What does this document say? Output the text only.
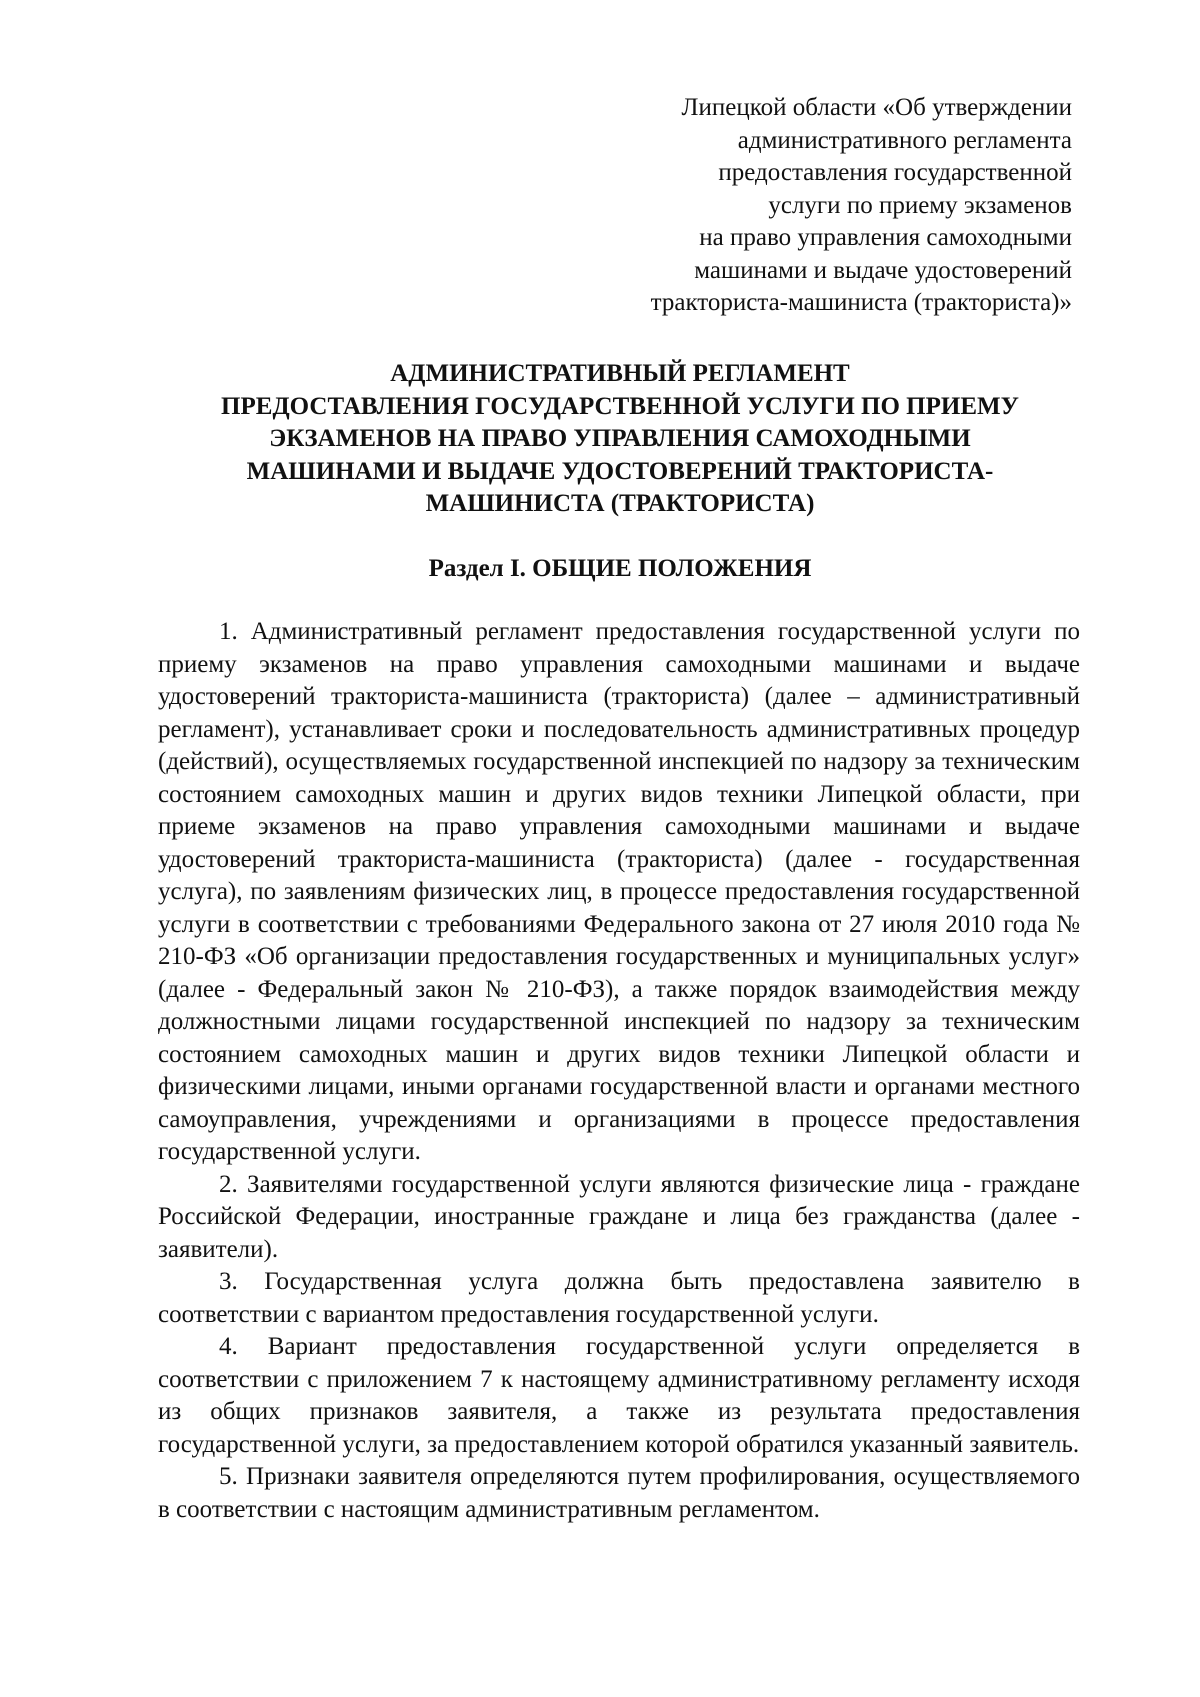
Липецкой области «Об утверждении
административного регламента
предоставления государственной
услуги по приему экзаменов
на право управления самоходными
машинами и выдаче удостоверений
тракториста-машиниста (тракториста)»
АДМИНИСТРАТИВНЫЙ РЕГЛАМЕНТ
ПРЕДОСТАВЛЕНИЯ ГОСУДАРСТВЕННОЙ УСЛУГИ ПО ПРИЕМУ
ЭКЗАМЕНОВ НА ПРАВО УПРАВЛЕНИЯ САМОХОДНЫМИ
МАШИНАМИ И ВЫДАЧЕ УДОСТОВЕРЕНИЙ ТРАКТОРИСТА-
МАШИНИСТА (ТРАКТОРИСТА)
Раздел I. ОБЩИЕ ПОЛОЖЕНИЯ

1. Административный регламент предоставления государственной услуги по приему экзаменов на право управления самоходными машинами и выдаче удостоверений тракториста-машиниста (тракториста) (далее – административный регламент), устанавливает сроки и последовательность административных процедур (действий), осуществляемых государственной инспекцией по надзору за техническим состоянием самоходных машин и других видов техники Липецкой области, при приеме экзаменов на право управления самоходными машинами и выдаче удостоверений тракториста-машиниста (тракториста) (далее - государственная услуга), по заявлениям физических лиц, в процессе предоставления государственной услуги в соответствии с требованиями Федерального закона от 27 июля 2010 года № 210-ФЗ «Об организации предоставления государственных и муниципальных услуг» (далее - Федеральный закон № 210-ФЗ), а также порядок взаимодействия между должностными лицами государственной инспекцией по надзору за техническим состоянием самоходных машин и других видов техники Липецкой области и физическими лицами, иными органами государственной власти и органами местного самоуправления, учреждениями и организациями в процессе предоставления государственной услуги.

2. Заявителями государственной услуги являются физические лица - граждане Российской Федерации, иностранные граждане и лица без гражданства (далее - заявители).

3. Государственная услуга должна быть предоставлена заявителю в соответствии с вариантом предоставления государственной услуги.

4. Вариант предоставления государственной услуги определяется в соответствии с приложением 7 к настоящему административному регламенту исходя из общих признаков заявителя, а также из результата предоставления государственной услуги, за предоставлением которой обратился указанный заявитель.

5. Признаки заявителя определяются путем профилирования, осуществляемого в соответствии с настоящим административным регламентом.
